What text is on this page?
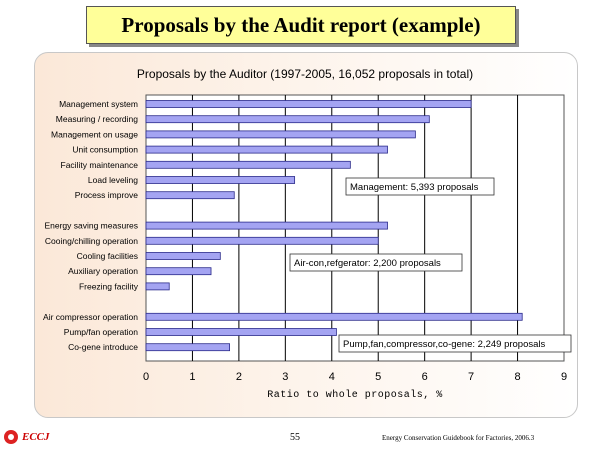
Proposals by the Audit report (example)
Proposals by the Auditor (1997-2005, 16,052 proposals in total)
Management system
Measuring / recording
Management on usage
Unit consumption
Facility maintenance
Load leveling
Process improve
Energy saving measures
Cooing/chilling operation
Cooling facilities
Auxiliary operation
Freezing facility
Air compressor operation
Pump/fan operation
Co-gene introduce
0	1	2	3	4	5	6	7	8	9
Management: 5,393 proposals
Air-con,refgerator: 2,200 proposals
Pump,fan,compressor,co-gene: 2,249 proposals
Ratio to whole proposals, %
ECCJ	55	Energy Conservation Guidebook for Factories, 2006.3
